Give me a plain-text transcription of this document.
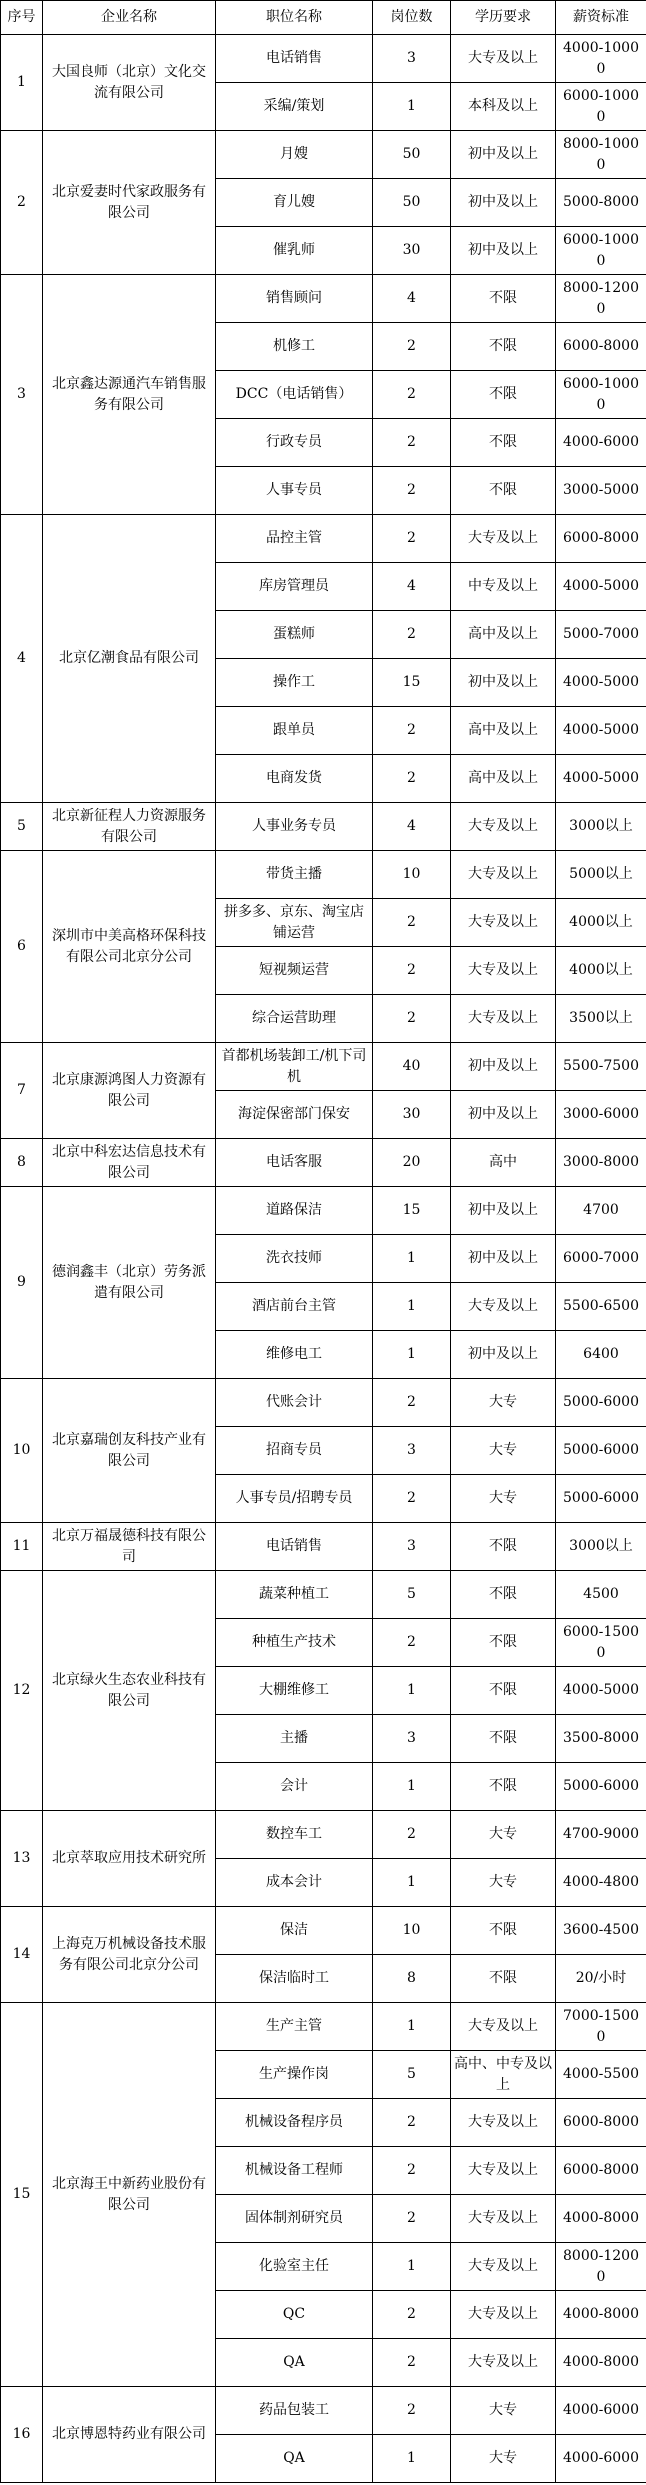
序号	企业名称	职位名称	岗位数	学历要求	薪资标准
1	大国良师（北京）文化交流有限公司	电话销售	3	大专及以上	4000-10000
		采编/策划	1	本科及以上	6000-10000
2	北京爱妻时代家政服务有限公司	月嫂	50	初中及以上	8000-10000
		育儿嫂	50	初中及以上	5000-8000
		催乳师	30	初中及以上	6000-10000
3	北京鑫达源通汽车销售服务有限公司	销售顾问	4	不限	8000-12000
		机修工	2	不限	6000-8000
		DCC（电话销售）	2	不限	6000-10000
		行政专员	2	不限	4000-6000
		人事专员	2	不限	3000-5000
4	北京亿潮食品有限公司	品控主管	2	大专及以上	6000-8000
		库房管理员	4	中专及以上	4000-5000
		蛋糕师	2	高中及以上	5000-7000
		操作工	15	初中及以上	4000-5000
		跟单员	2	高中及以上	4000-5000
		电商发货	2	高中及以上	4000-5000
5	北京新征程人力资源服务有限公司	人事业务专员	4	大专及以上	3000以上
6	深圳市中美高格环保科技有限公司北京分公司	带货主播	10	大专及以上	5000以上
		拼多多、京东、淘宝店铺运营	2	大专及以上	4000以上
		短视频运营	2	大专及以上	4000以上
		综合运营助理	2	大专及以上	3500以上
7	北京康源鸿图人力资源有限公司	首都机场装卸工/机下司机	40	初中及以上	5500-7500
		海淀保密部门保安	30	初中及以上	3000-6000
8	北京中科宏达信息技术有限公司	电话客服	20	高中	3000-8000
9	德润鑫丰（北京）劳务派遣有限公司	道路保洁	15	初中及以上	4700
		洗衣技师	1	初中及以上	6000-7000
		酒店前台主管	1	大专及以上	5500-6500
		维修电工	1	初中及以上	6400
10	北京嘉瑞创友科技产业有限公司	代账会计	2	大专	5000-6000
		招商专员	3	大专	5000-6000
		人事专员/招聘专员	2	大专	5000-6000
11	北京万福晟德科技有限公司	电话销售	3	不限	3000以上
12	北京绿火生态农业科技有限公司	蔬菜种植工	5	不限	4500
		种植生产技术	2	不限	6000-15000
		大棚维修工	1	不限	4000-5000
		主播	3	不限	3500-8000
		会计	1	不限	5000-6000
13	北京萃取应用技术研究所	数控车工	2	大专	4700-9000
		成本会计	1	大专	4000-4800
14	上海克万机械设备技术服务有限公司北京分公司	保洁	10	不限	3600-4500
		保洁临时工	8	不限	20/小时
15	北京海王中新药业股份有限公司	生产主管	1	大专及以上	7000-15000
		生产操作岗	5	高中、中专及以上	4000-5500
		机械设备程序员	2	大专及以上	6000-8000
		机械设备工程师	2	大专及以上	6000-8000
		固体制剂研究员	2	大专及以上	4000-8000
		化验室主任	1	大专及以上	8000-12000
		QC	2	大专及以上	4000-8000
		QA	2	大专及以上	4000-8000
16	北京博恩特药业有限公司	药品包装工	2	大专	4000-6000
		QA	1	大专	4000-6000
